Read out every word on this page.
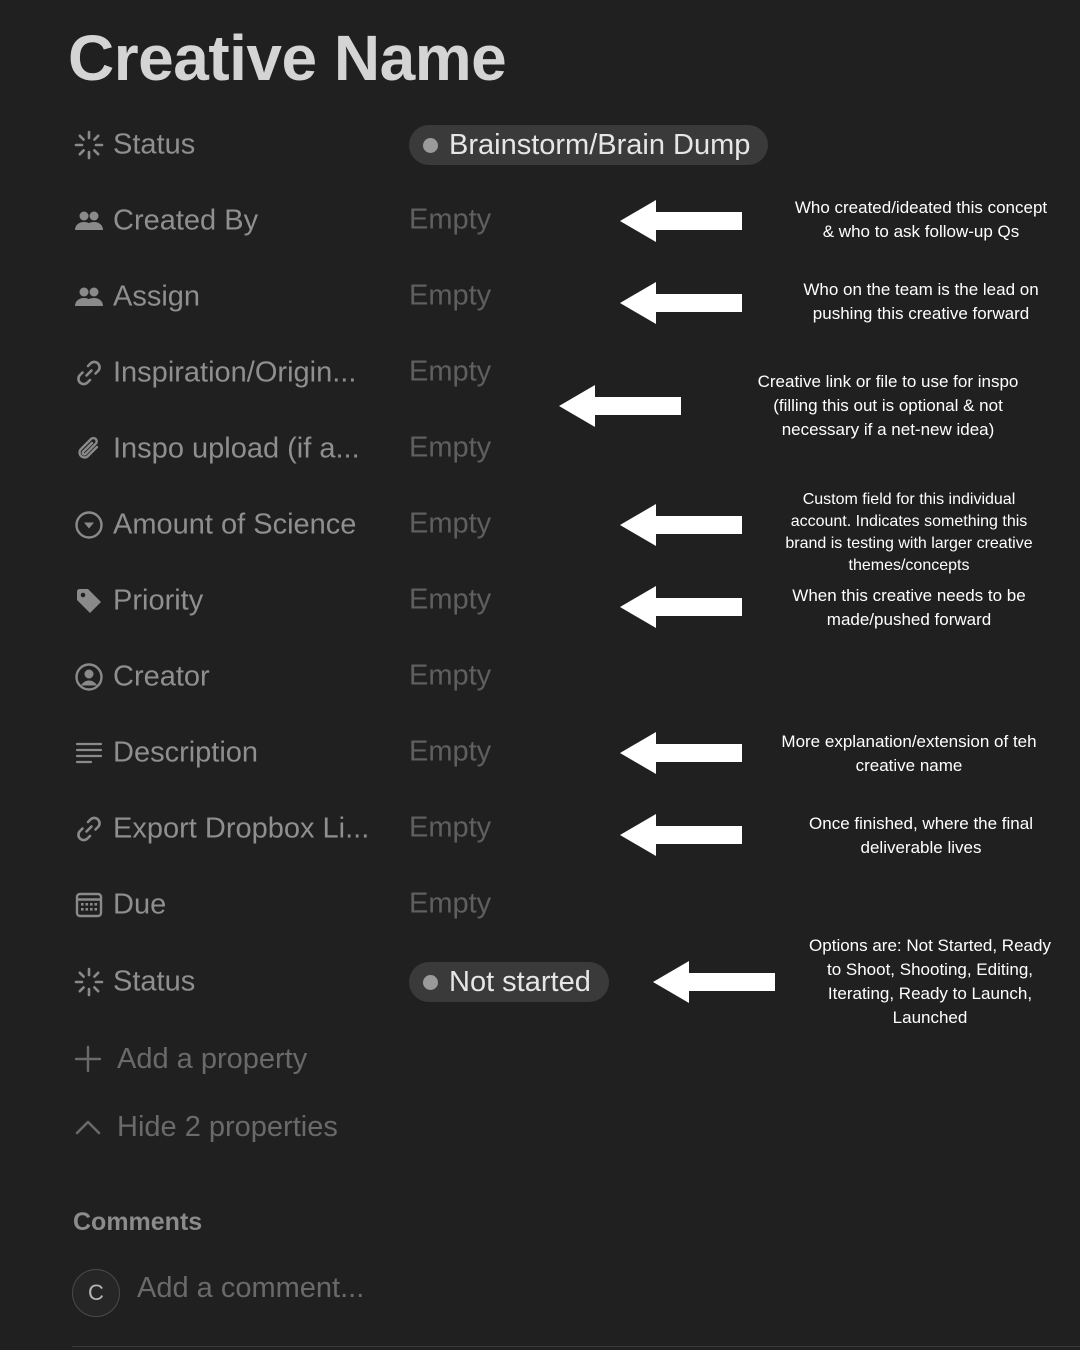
Creative Name
Status	Brainstorm/Brain Dump
Created By	Empty
Assign	Empty
Inspiration/Origin... Empty
Inspo upload (if a... Empty
Amount of Science Empty
Priority	Empty
Creator	Empty
Description	Empty
Export Dropbox Li... Empty
Due	Empty
Status	Not started
Add a property
Hide 2 properties
Comments
C	Add a comment...
Who created/ideated this concept
& who to ask follow-up Qs
Who on the team is the lead on
pushing this creative forward
Creative link or file to use for inspo
(filling this out is optional & not
necessary if a net-new idea)
Custom field for this individual
account. Indicates something this
brand is testing with larger creative
themes/concepts
When this creative needs to be
made/pushed forward
More explanation/extension of teh
creative name
Once finished, where the final
deliverable lives
Options are: Not Started, Ready
to Shoot, Shooting, Editing,
Iterating, Ready to Launch,
Launched
